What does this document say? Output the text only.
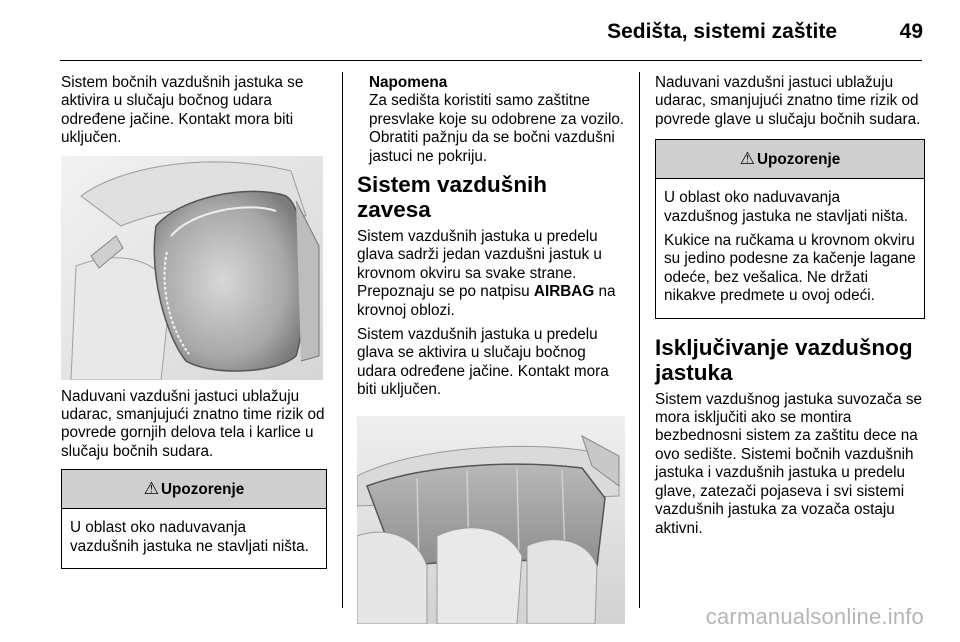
Sedišta, sistemi zaštite	49

Sistem bočnih vazdušnih jastuka se aktivira u slučaju bočnog udara određene jačine. Kontakt mora biti uključen.

Naduvani vazdušni jastuci ublažuju udarac, smanjujući znatno time rizik od povrede gornjih delova tela i karlice u slučaju bočnih sudara.

⚠ Upozorenje

U oblast oko naduvavanja vazdušnih jastuka ne stavljati ništa.

Napomena

Za sedišta koristiti samo zaštitne presvlake koje su odobrene za vozilo. Obratiti pažnju da se bočni vazdušni jastuci ne pokriju.

Sistem vazdušnih zavesa

Sistem vazdušnih jastuka u predelu glava sadrži jedan vazdušni jastuk u krovnom okviru sa svake strane. Prepoznaju se po natpisu AIRBAG na krovnoj oblozi.

Sistem vazdušnih jastuka u predelu glava se aktivira u slučaju bočnog udara određene jačine. Kontakt mora biti uključen.

Naduvani vazdušni jastuci ublažuju udarac, smanjujući znatno time rizik od povrede glave u slučaju bočnih sudara.

⚠ Upozorenje

U oblast oko naduvavanja vazdušnog jastuka ne stavljati ništa.

Kukice na ručkama u krovnom okviru su jedino podesne za kačenje lagane odeće, bez vešalica. Ne držati nikakve predmete u ovoj odeći.

Isključivanje vazdušnog jastuka

Sistem vazdušnog jastuka suvozača se mora isključiti ako se montira bezbednosni sistem za zaštitu dece na ovo sedište. Sistemi bočnih vazdušnih jastuka i vazdušnih jastuka u predelu glave, zatezači pojaseva i svi sistemi vazdušnih jastuka za vozača ostaju aktivni.

carmanualsonline.info
